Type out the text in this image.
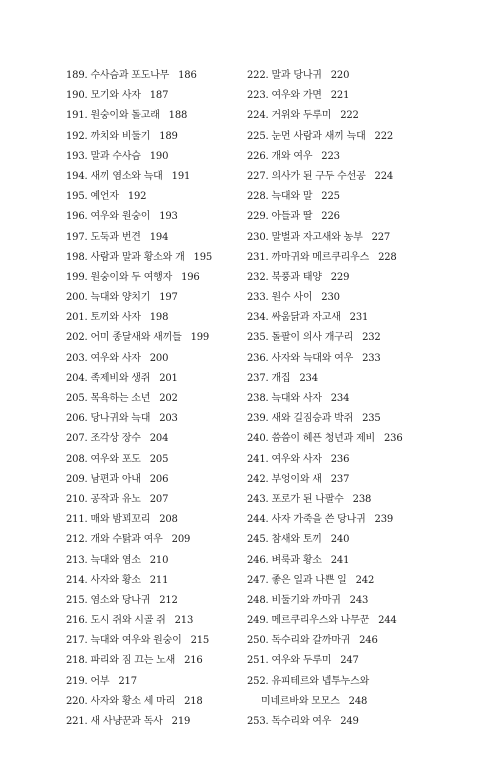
189. 수사슴과 포도나무 186
190. 모기와 사자 187
191. 원숭이와 돌고래 188
192. 까치와 비둘기 189
193. 말과 수사슴 190
194. 새끼 염소와 늑대 191
195. 예언자 192
196. 여우와 원숭이 193
197. 도둑과 번견 194
198. 사람과 말과 황소와 개 195
199. 원숭이와 두 여행자 196
200. 늑대와 양치기 197
201. 토끼와 사자 198
202. 어미 종달새와 새끼들 199
203. 여우와 사자 200
204. 족제비와 생쥐 201
205. 목욕하는 소년 202
206. 당나귀와 늑대 203
207. 조각상 장수 204
208. 여우와 포도 205
209. 남편과 아내 206
210. 공작과 유노 207
211. 매와 밤꾀꼬리 208
212. 개와 수탉과 여우 209
213. 늑대와 염소 210
214. 사자와 황소 211
215. 염소와 당나귀 212
216. 도시 쥐와 시골 쥐 213
217. 늑대와 여우와 원숭이 215
218. 파리와 짐 끄는 노새 216
219. 어부 217
220. 사자와 황소 세 마리 218
221. 새 사냥꾼과 독사 219
222. 말과 당나귀 220
223. 여우와 가면 221
224. 거위와 두루미 222
225. 눈먼 사람과 새끼 늑대 222
226. 개와 여우 223
227. 의사가 된 구두 수선공 224
228. 늑대와 말 225
229. 아들과 딸 226
230. 말벌과 자고새와 농부 227
231. 까마귀와 메르쿠리우스 228
232. 북풍과 태양 229
233. 원수 사이 230
234. 싸움닭과 자고새 231
235. 돌팔이 의사 개구리 232
236. 사자와 늑대와 여우 233
237. 개집 234
238. 늑대와 사자 234
239. 새와 길짐승과 박쥐 235
240. 씀씀이 헤픈 청년과 제비 236
241. 여우와 사자 236
242. 부엉이와 새 237
243. 포로가 된 나팔수 238
244. 사자 가죽을 쓴 당나귀 239
245. 참새와 토끼 240
246. 벼룩과 황소 241
247. 좋은 일과 나쁜 일 242
248. 비둘기와 까마귀 243
249. 메르쿠리우스와 나무꾼 244
250. 독수리와 갈까마귀 246
251. 여우와 두루미 247
252. 유피테르와 넵투누스와
미네르바와 모모스 248
253. 독수리와 여우 249
